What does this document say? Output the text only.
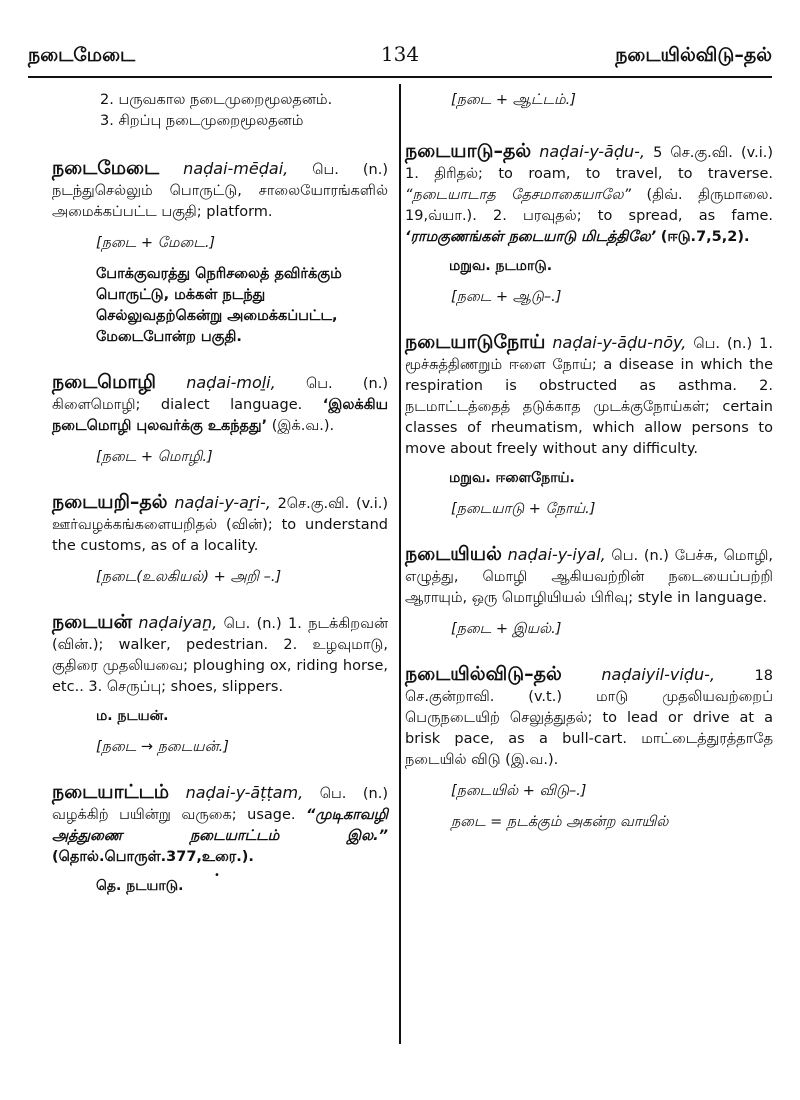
நடைமேடை	134	நடையில்விடு–தல்
2. பருவகால நடைமுறைமூலதனம்.
3. சிறப்பு நடைமுறைமூலதனம்
நடைமேடை naḍai-mēḍai, பெ. (n.) நடந்துசெல்லும் பொருட்டு, சாலையோரங்களில் அமைக்கப்பட்ட பகுதி; platform.
[நடை + மேடை.]
போக்குவரத்து நெரிசலைத் தவிர்க்கும் பொருட்டு, மக்கள் நடந்து செல்லுவதற்கென்று அமைக்கப்பட்ட, மேடைபோன்ற பகுதி.
நடைமொழி naḍai-moḻi, பெ. (n.) கிளைமொழி; dialect language. ‘இலக்கிய நடைமொழி புலவர்க்கு உகந்தது’ (இக்.வ.).
[நடை + மொழி.]
நடையறி–தல் naḍai-y-aṟi-, 2செ.கு.வி. (v.i.) ஊர்வழக்கங்களையறிதல் (வின்); to understand the customs, as of a locality.
[நடை(உலகியல்) + அறி –.]
நடையன் naḍaiyaṉ, பெ. (n.) 1. நடக்கிறவன் (வின்.); walker, pedestrian. 2. உழவுமாடு, குதிரை முதலியவை; ploughing ox, riding horse, etc.. 3. செருப்பு; shoes, slippers.
ம. நடயன்.
[நடை → நடையன்.]
நடையாட்டம் naḍai-y-āṭṭam, பெ. (n.) வழக்கிற் பயின்று வருகை; usage. “முடிகாவழி அத்துணை நடையாட்டம் இல.” (தொல்.பொருள்.377,உரை.).
தெ. நடயாடு.
[நடை + ஆட்டம்.]
நடையாடு–தல் naḍai-y-āḍu-, 5 செ.கு.வி. (v.i.) 1. திரிதல்; to roam, to travel, to traverse. “நடையாடாத தேசமாகையாலே” (திவ். திருமாலை. 19,வ்யா.). 2. பரவுதல்; to spread, as fame. ‘ராமகுணங்கள் நடையாடு மிடத்திலே’ (ஈடு.7,5,2).
மறுவ. நடமாடு.
[நடை + ஆடு–.]
நடையாடுநோய் naḍai-y-āḍu-nōy, பெ. (n.) 1. மூச்சுத்திணறும் ஈளை நோய்; a disease in which the respiration is obstructed as asthma. 2. நடமாட்டத்தைத் தடுக்காத முடக்குநோய்கள்; certain classes of rheumatism, which allow persons to move about freely without any difficulty.
மறுவ. ஈளைநோய்.
[நடையாடு + நோய்.]
நடையியல் naḍai-y-iyal, பெ. (n.) பேச்சு, மொழி, எழுத்து, மொழி ஆகியவற்றின் நடையைப்பற்றி ஆராயும், ஒரு மொழியியல் பிரிவு; style in language.
[நடை + இயல்.]
நடையில்விடு–தல் naḍaiyil-viḍu-,	18 செ.குன்றாவி. (v.t.) மாடு முதலியவற்றைப் பெருநடையிற் செலுத்துதல்; to lead or drive at a brisk pace, as a bull-cart. மாட்டைத்துரத்தாதே நடையில் விடு (இ.வ.).
[நடையில் + விடு–.]
நடை = நடக்கும் அகன்ற வாயில்
•
